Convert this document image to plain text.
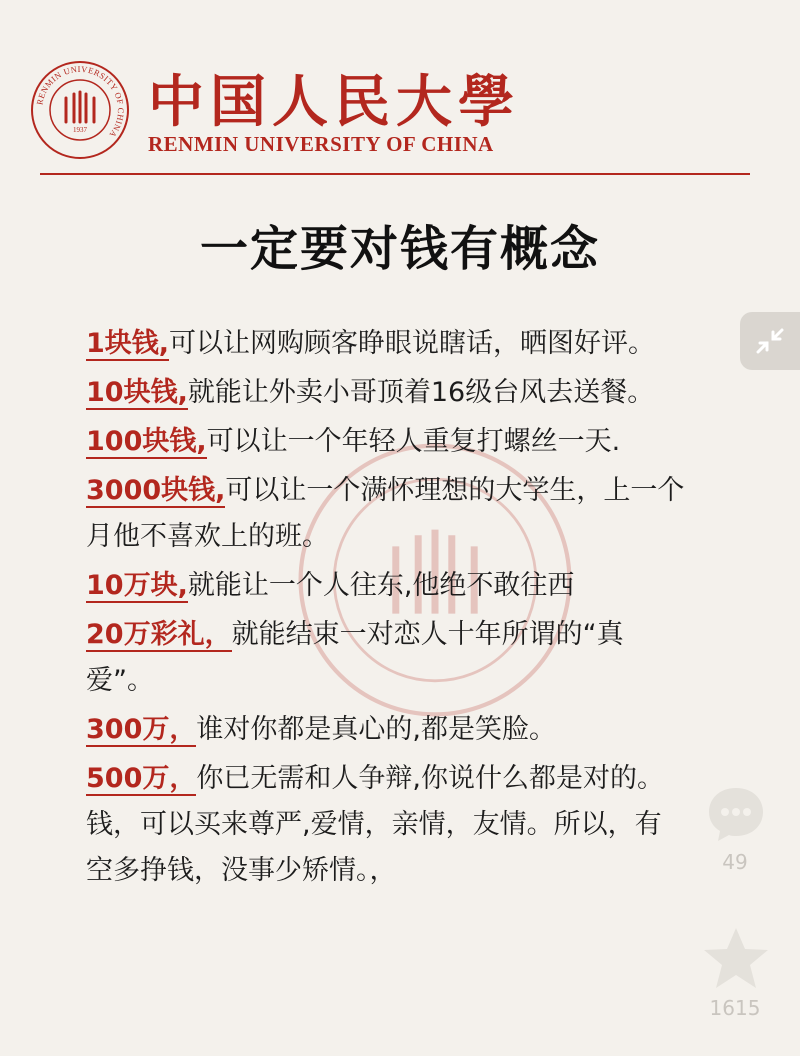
RENMIN UNIVERSITY OF CHINA
1937 中国人民大學
RENMIN UNIVERSITY OF CHINA
一定要对钱有概念

1块钱,可以让网购顾客睁眼说瞎话，晒图好评。

10块钱,就能让外卖小哥顶着16级台风去送餐。

100块钱,可以让一个年轻人重复打螺丝一天.

3000块钱,可以让一个满怀理想的大学生，上一个月他不喜欢上的班。

10万块,就能让一个人往东,他绝不敢往西

20万彩礼，就能结束一对恋人十年所谓的“真爱”。

300万，谁对你都是真心的,都是笑脸。

500万，你已无需和人争辩,你说什么都是对的。钱，可以买来尊严,爱情，亲情，友情。所以，有空多挣钱，没事少矫情。，	49
1615
